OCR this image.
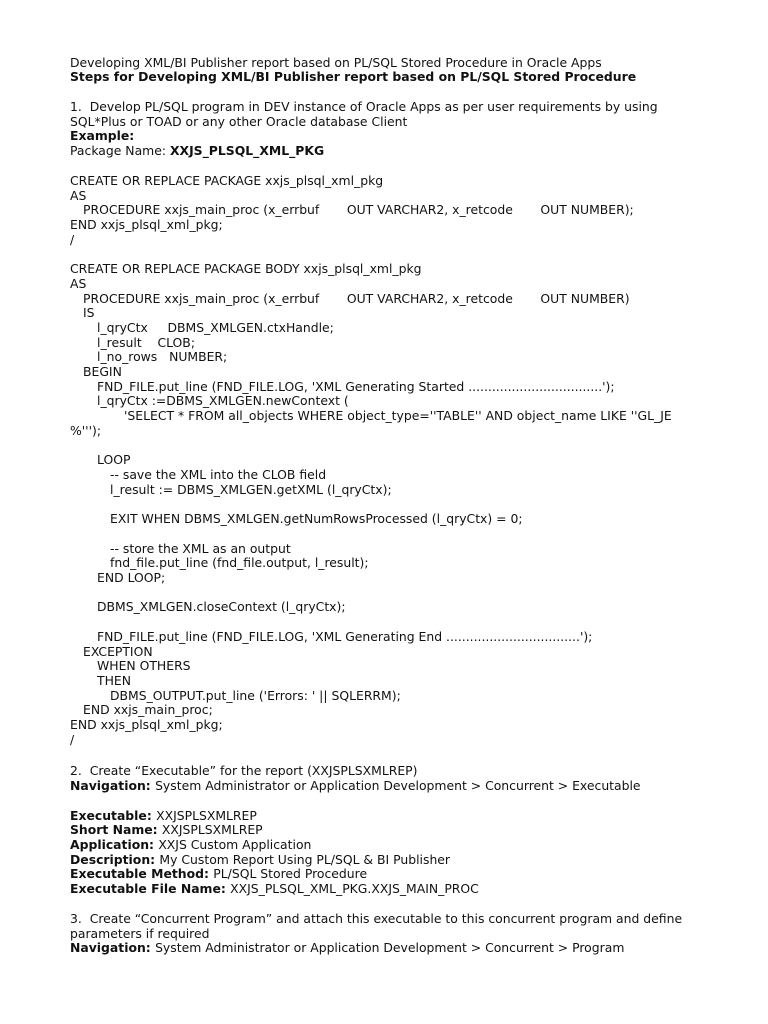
Developing XML/BI Publisher report based on PL/SQL Stored Procedure in Oracle Apps
Steps for Developing XML/BI Publisher report based on PL/SQL Stored Procedure
1.  Develop PL/SQL program in DEV instance of Oracle Apps as per user requirements by using
SQL*Plus or TOAD or any other Oracle database Client
Example:
Package Name: XXJS_PLSQL_XML_PKG
CREATE OR REPLACE PACKAGE xxjs_plsql_xml_pkg
AS
PROCEDURE xxjs_main_proc (x_errbuf       OUT VARCHAR2, x_retcode       OUT NUMBER);
END xxjs_plsql_xml_pkg;
/
CREATE OR REPLACE PACKAGE BODY xxjs_plsql_xml_pkg
AS
PROCEDURE xxjs_main_proc (x_errbuf       OUT VARCHAR2, x_retcode       OUT NUMBER)
IS
l_qryCtx     DBMS_XMLGEN.ctxHandle;
l_result    CLOB;
l_no_rows   NUMBER;
BEGIN
FND_FILE.put_line (FND_FILE.LOG, 'XML Generating Started ..................................');
l_qryCtx :=DBMS_XMLGEN.newContext (
'SELECT * FROM all_objects WHERE object_type=''TABLE'' AND object_name LIKE ''GL_JE
%''');
LOOP
-- save the XML into the CLOB field
l_result := DBMS_XMLGEN.getXML (l_qryCtx);
EXIT WHEN DBMS_XMLGEN.getNumRowsProcessed (l_qryCtx) = 0;
-- store the XML as an output
fnd_file.put_line (fnd_file.output, l_result);
END LOOP;
DBMS_XMLGEN.closeContext (l_qryCtx);
FND_FILE.put_line (FND_FILE.LOG, 'XML Generating End ..................................');
EXCEPTION
WHEN OTHERS
THEN
DBMS_OUTPUT.put_line ('Errors: ' || SQLERRM);
END xxjs_main_proc;
END xxjs_plsql_xml_pkg;
/
2.  Create “Executable” for the report (XXJSPLSXMLREP)
Navigation: System Administrator or Application Development > Concurrent > Executable
Executable: XXJSPLSXMLREP
Short Name: XXJSPLSXMLREP
Application: XXJS Custom Application
Description: My Custom Report Using PL/SQL & BI Publisher
Executable Method: PL/SQL Stored Procedure
Executable File Name: XXJS_PLSQL_XML_PKG.XXJS_MAIN_PROC
3.  Create “Concurrent Program” and attach this executable to this concurrent program and define
parameters if required
Navigation: System Administrator or Application Development > Concurrent > Program
